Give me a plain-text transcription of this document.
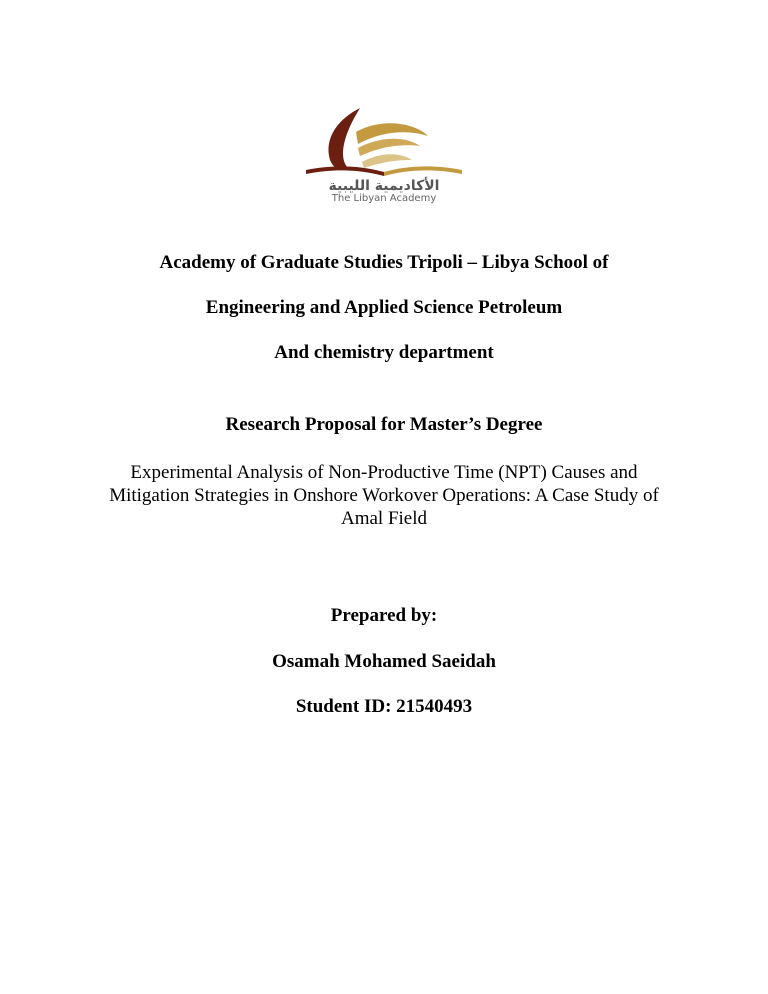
الأكاديمية الليبية
The Libyan Academy
Academy of Graduate Studies Tripoli – Libya School of
Engineering and Applied Science Petroleum
And chemistry department
Research Proposal for Master’s Degree
Experimental Analysis of Non-Productive Time (NPT) Causes and
Mitigation Strategies in Onshore Workover Operations: A Case Study of
Amal Field
Prepared by:
Osamah Mohamed Saeidah
Student ID: 21540493
